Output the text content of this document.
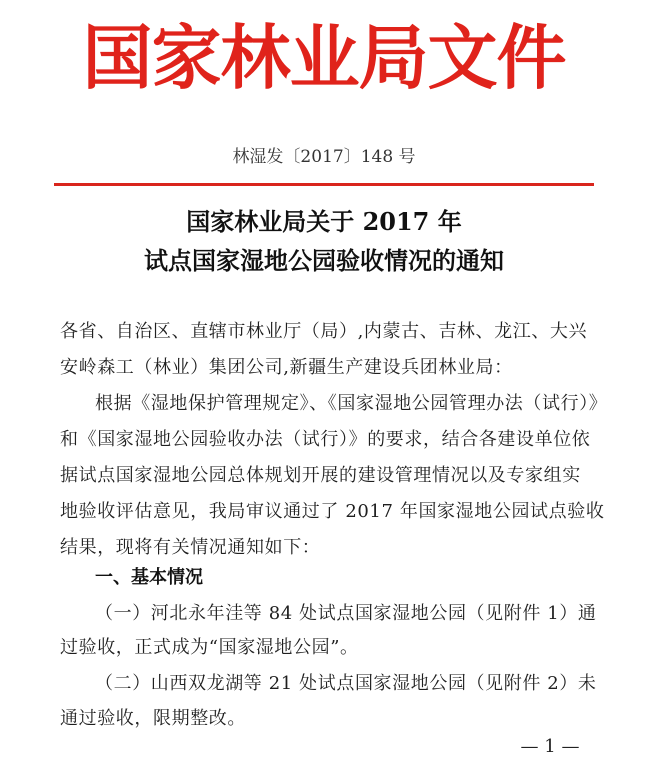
国家林业局文件
林湿发〔2017〕148 号
国家林业局关于 2017 年
试点国家湿地公园验收情况的通知
各省、自治区、直辖市林业厅（局）,内蒙古、吉林、龙江、大兴
安岭森工（林业）集团公司,新疆生产建设兵团林业局：
根据《湿地保护管理规定》、《国家湿地公园管理办法（试行）》
和《国家湿地公园验收办法（试行）》的要求，结合各建设单位依
据试点国家湿地公园总体规划开展的建设管理情况以及专家组实
地验收评估意见，我局审议通过了 2017 年国家湿地公园试点验收
结果，现将有关情况通知如下：
一、基本情况
（一）河北永年洼等 84 处试点国家湿地公园（见附件 1）通
过验收，正式成为“国家湿地公园”。
（二）山西双龙湖等 21 处试点国家湿地公园（见附件 2）未
通过验收，限期整改。
— 1 —
